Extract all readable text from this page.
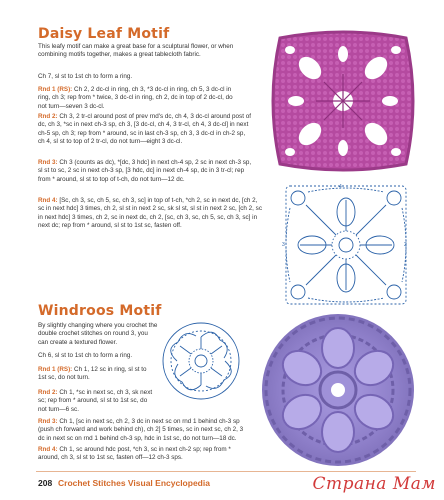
Daisy Leaf Motif
This leafy motif can make a great base for a sculptural flower, or when combining motifs together, makes a great tablecloth fabric.
Ch 7, sl st to 1st ch to form a ring.
Rnd 1 (RS): Ch 2, 2 dc-cl in ring, ch 3, *3 dc-cl in ring, ch 5, 3 dc-cl in ring, ch 3; rep from * twice, 3 dc-cl in ring, ch 2, dc in top of 2 dc-cl, do not turn—seven 3 dc-cl.
Rnd 2: Ch 3, 2 tr-cl around post of prev rnd's dc, ch 4, 3 dc-cl around post of dc, ch 3, *sc in next ch-3 sp, ch 3, [3 dc-cl, ch 4, 3 tr-cl, ch 4, 3 dc-cl] in next ch-5 sp, ch 3; rep from * around, sc in last ch-3 sp, ch 3, 3 dc-cl in ch-2 sp, ch 4, sl st to top of 2 tr-cl, do not turn—eight 3 dc-cl.
Rnd 3: Ch 3 (counts as dc), *[dc, 3 hdc] in next ch-4 sp, 2 sc in next ch-3 sp, sl st to sc, 2 sc in next ch-3 sp, [3 hdc, dc] in next ch-4 sp, dc in 3 tr-cl; rep from * around, sl st to top of t-ch, do not turn—12 dc.
Rnd 4: [Sc, ch 3, sc, ch 5, sc, ch 3, sc] in top of t-ch, *ch 2, sc in next dc, [ch 2, sc in next hdc] 3 times, ch 2, sl st in next 2 sc, sk sl st, sl st in next 2 sc, [ch 2, sc in next hdc] 3 times, ch 2, sc in next dc, ch 2, [sc, ch 3, sc, ch 5, sc, ch 3, sc] in next dc; rep from * around, sl st to 1st sc, fasten off.
4
3	2
Windroos Motif
By slightly changing where you crochet the double crochet stitches on round 3, you can create a textured flower.
Ch 6, sl st to 1st ch to form a ring.
Rnd 1 (RS): Ch 1, 12 sc in ring, sl st to 1st sc, do not turn.
Rnd 2: Ch 1, *sc in next sc, ch 3, sk next sc; rep from * around, sl st to 1st sc, do not turn—6 sc.
Rnd 3: Ch 1, [sc in next sc, ch 2, 3 dc in next sc on rnd 1 behind ch-3 sp (push ch forward and work behind ch), ch 2] 5 times, sc in next sc, ch 2, 3 dc in next sc on rnd 1 behind ch-3 sp, hdc in 1st sc, do not turn—18 dc.
Rnd 4: Ch 1, sc around hdc post, *ch 3, sc in next ch-2 sp; rep from * around, ch 3, sl st to 1st sc, fasten off—12 ch-3 sps.
208 Crochet Stitches Visual Encyclopedia	Страна Мам
